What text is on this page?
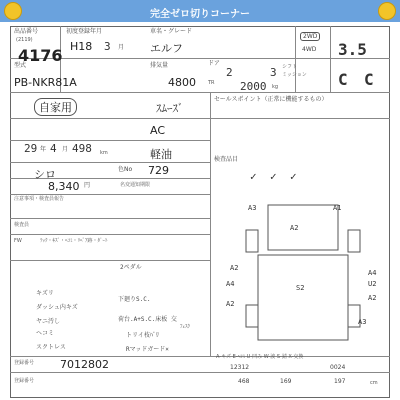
完全ゼロ切りコーナー
出品番号
(2119)
4176
初度登録年月
H18 3 月
車名・グレード
エルフ
2WD
4WD 3.5
型式
PB-NKR81A
排気量
4800
ドア
2	3 シフト
ミッション
TR 2000 kg	C C
自家用
セールスポイント（正常に機能するもの）
ｽﾑｰｽﾞ
AC
29 年 4 月 498 km	軽油
シロ	色No 729
8,340 円	名変通知期限
検査品目
✓ ✓ ✓
注意事項・検査員報告
検査員
FW	ﾗｯｸ・ｷｽﾞ・ﾍｺﾐ・ﾘﾍﾟｱ跡・ﾀﾞｰﾄ
2ペダル
キズリ
ダッシュ内キズ
ヤニ汚し
ヘコミ
スクトレス
下廻りS.C.
荷台.A+S.C.床板 交
ﾌｪｽｸ
トリイ枝ﾊﾞﾘ
Rマッドガード×
A3	A1
A2
S2
A2
A4
U2
A4
A2
A3
A2
登録番号 7012802
A-キズ E-ﾍｺﾐ U-凹み W-波 S-錆 X-交換
12312	0024
468	169	197	cm
登録番号
